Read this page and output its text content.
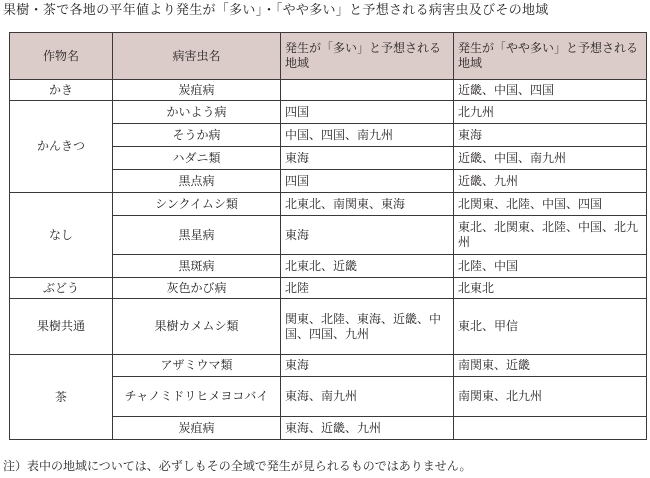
果樹・茶で各地の平年値より発生が「多い」・「やや多い」と予想される病害虫及びその地域
作物名	病害虫名	発生が「多い」と予想される地域	発生が「やや多い」と予想される地域
かき	炭疽病		近畿、中国、四国
かんきつ	かいよう病	四国	北九州
	そうか病	中国、四国、南九州	東海
	ハダニ類	東海	近畿、中国、南九州
	黒点病	四国	近畿、九州
なし	シンクイムシ類	北東北、南関東、東海	北関東、北陸、中国、四国
	黒星病	東海	東北、北関東、北陸、中国、北九州
	黒斑病	北東北、近畿	北陸、中国
ぶどう	灰色かび病	北陸	北東北
果樹共通	果樹カメムシ類	関東、北陸、東海、近畿、中国、四国、九州	東北、甲信
茶	アザミウマ類	東海	南関東、近畿
	チャノミドリヒメヨコバイ	東海、南九州	南関東、北九州
	炭疽病	東海、近畿、九州	
注）表中の地域については、必ずしもその全域で発生が見られるものではありません。
